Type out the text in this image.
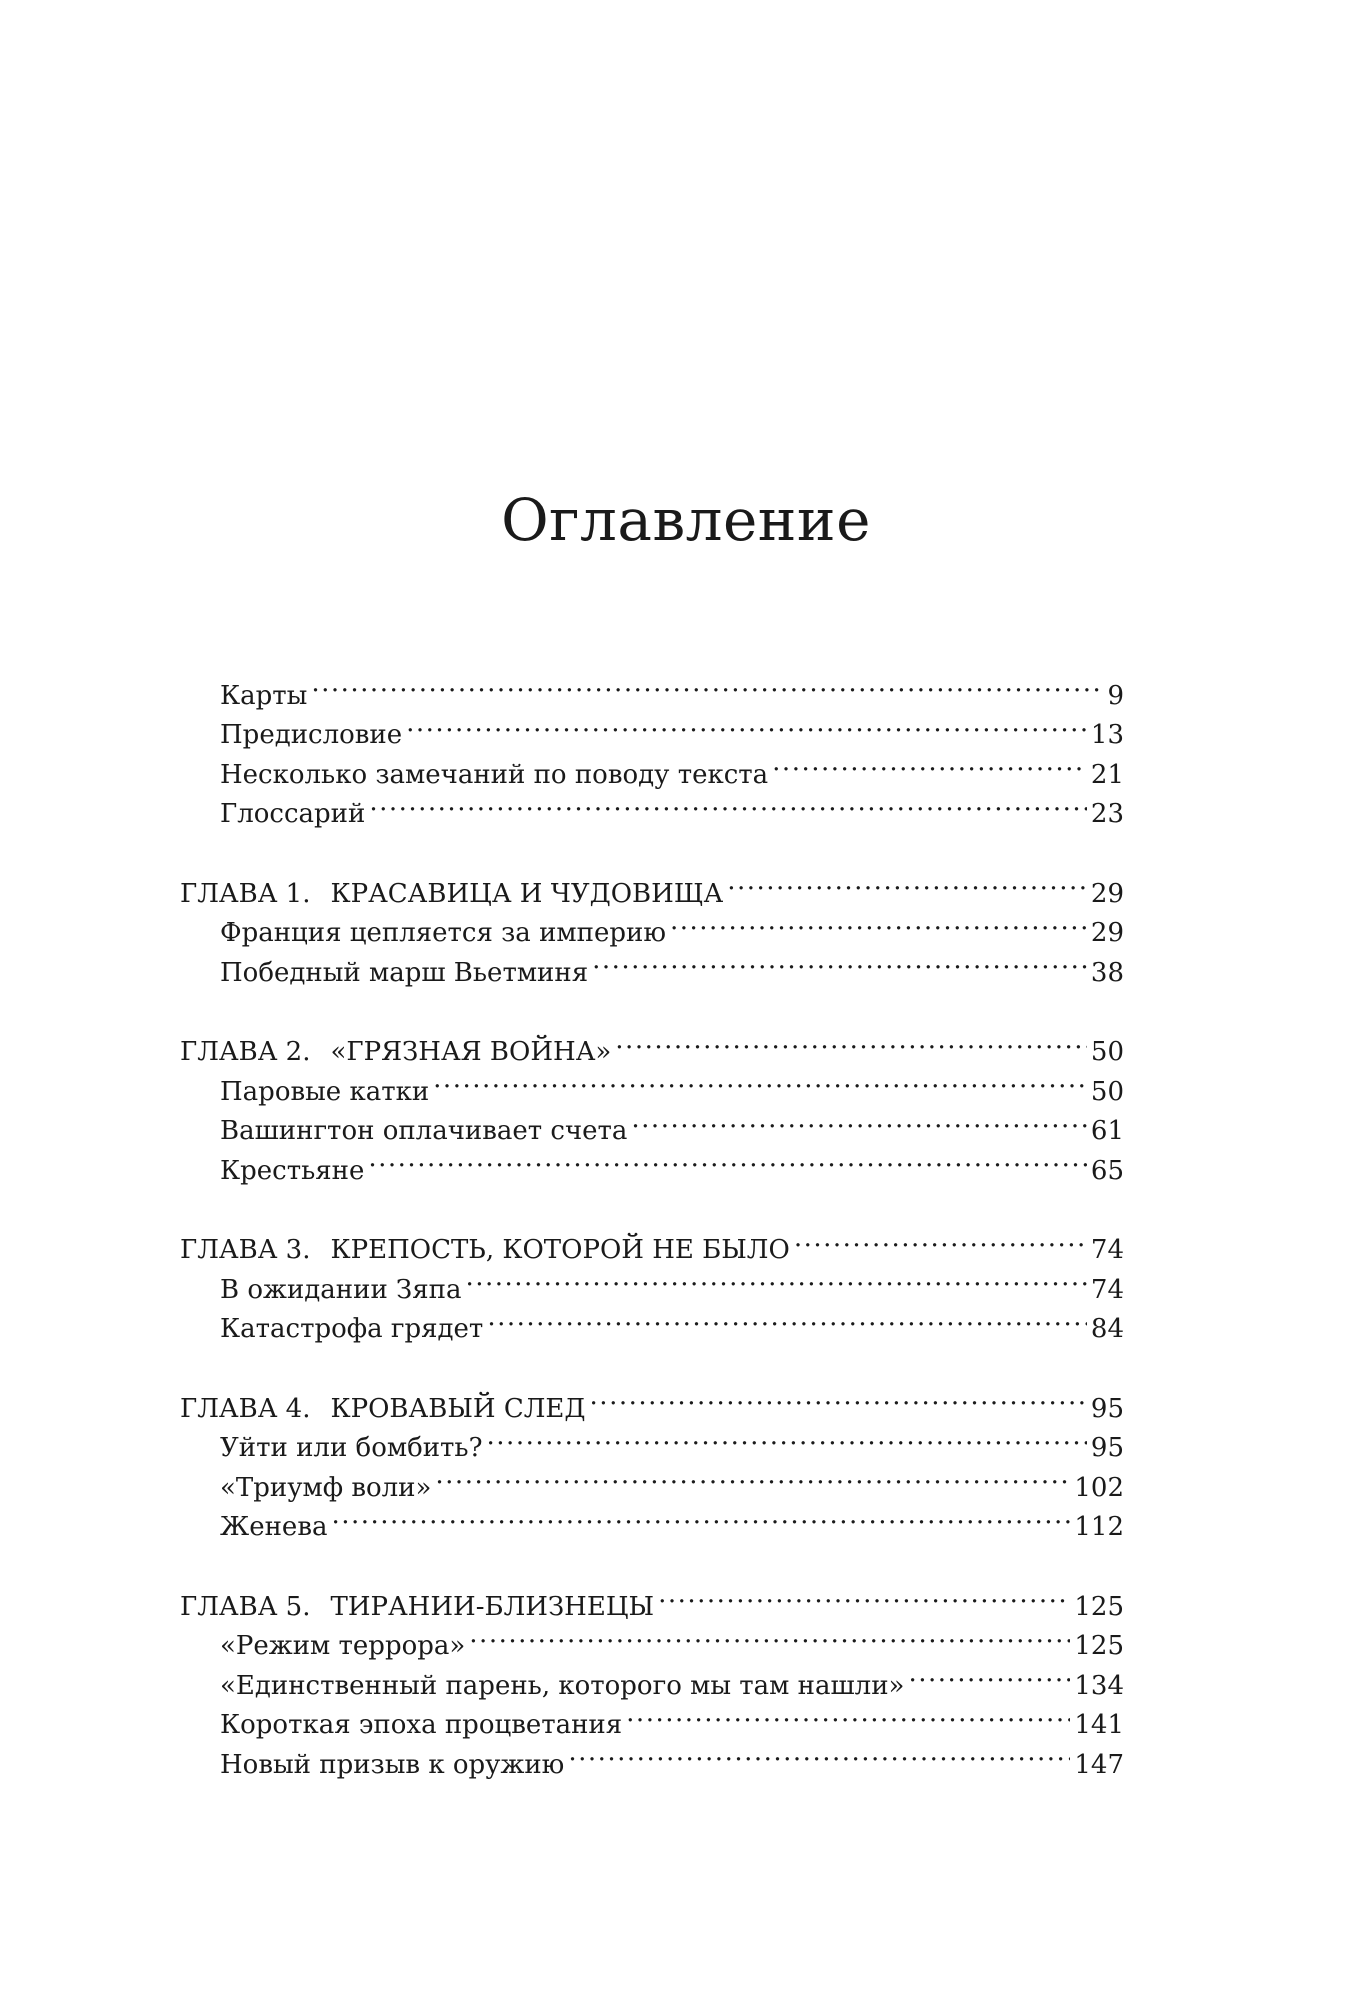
Оглавление
Карты .....	9
Предисловие .....	13
Несколько замечаний по поводу текста .....	21
Глоссарий .....	23
ГЛАВА 1. КРАСАВИЦА И ЧУДОВИЩА .....	29
Франция цепляется за империю .....	29
Победный марш Вьетминя .....	38
ГЛАВА 2. «ГРЯЗНАЯ ВОЙНА» .....	50
Паровые катки .....	50
Вашингтон оплачивает счета .....	61
Крестьяне .....	65
ГЛАВА 3. КРЕПОСТЬ, КОТОРОЙ НЕ БЫЛО .....	74
В ожидании Зяпа .....	74
Катастрофа грядет .....	84
ГЛАВА 4. КРОВАВЫЙ СЛЕД .....	95
Уйти или бомбить? .....	95
«Триумф воли» .....	102
Женева .....	112
ГЛАВА 5. ТИРАНИИ-БЛИЗНЕЦЫ .....	125
«Режим террора» .....	125
«Единственный парень, которого мы там нашли» .....	134
Короткая эпоха процветания .....	141
Новый призыв к оружию .....	147
